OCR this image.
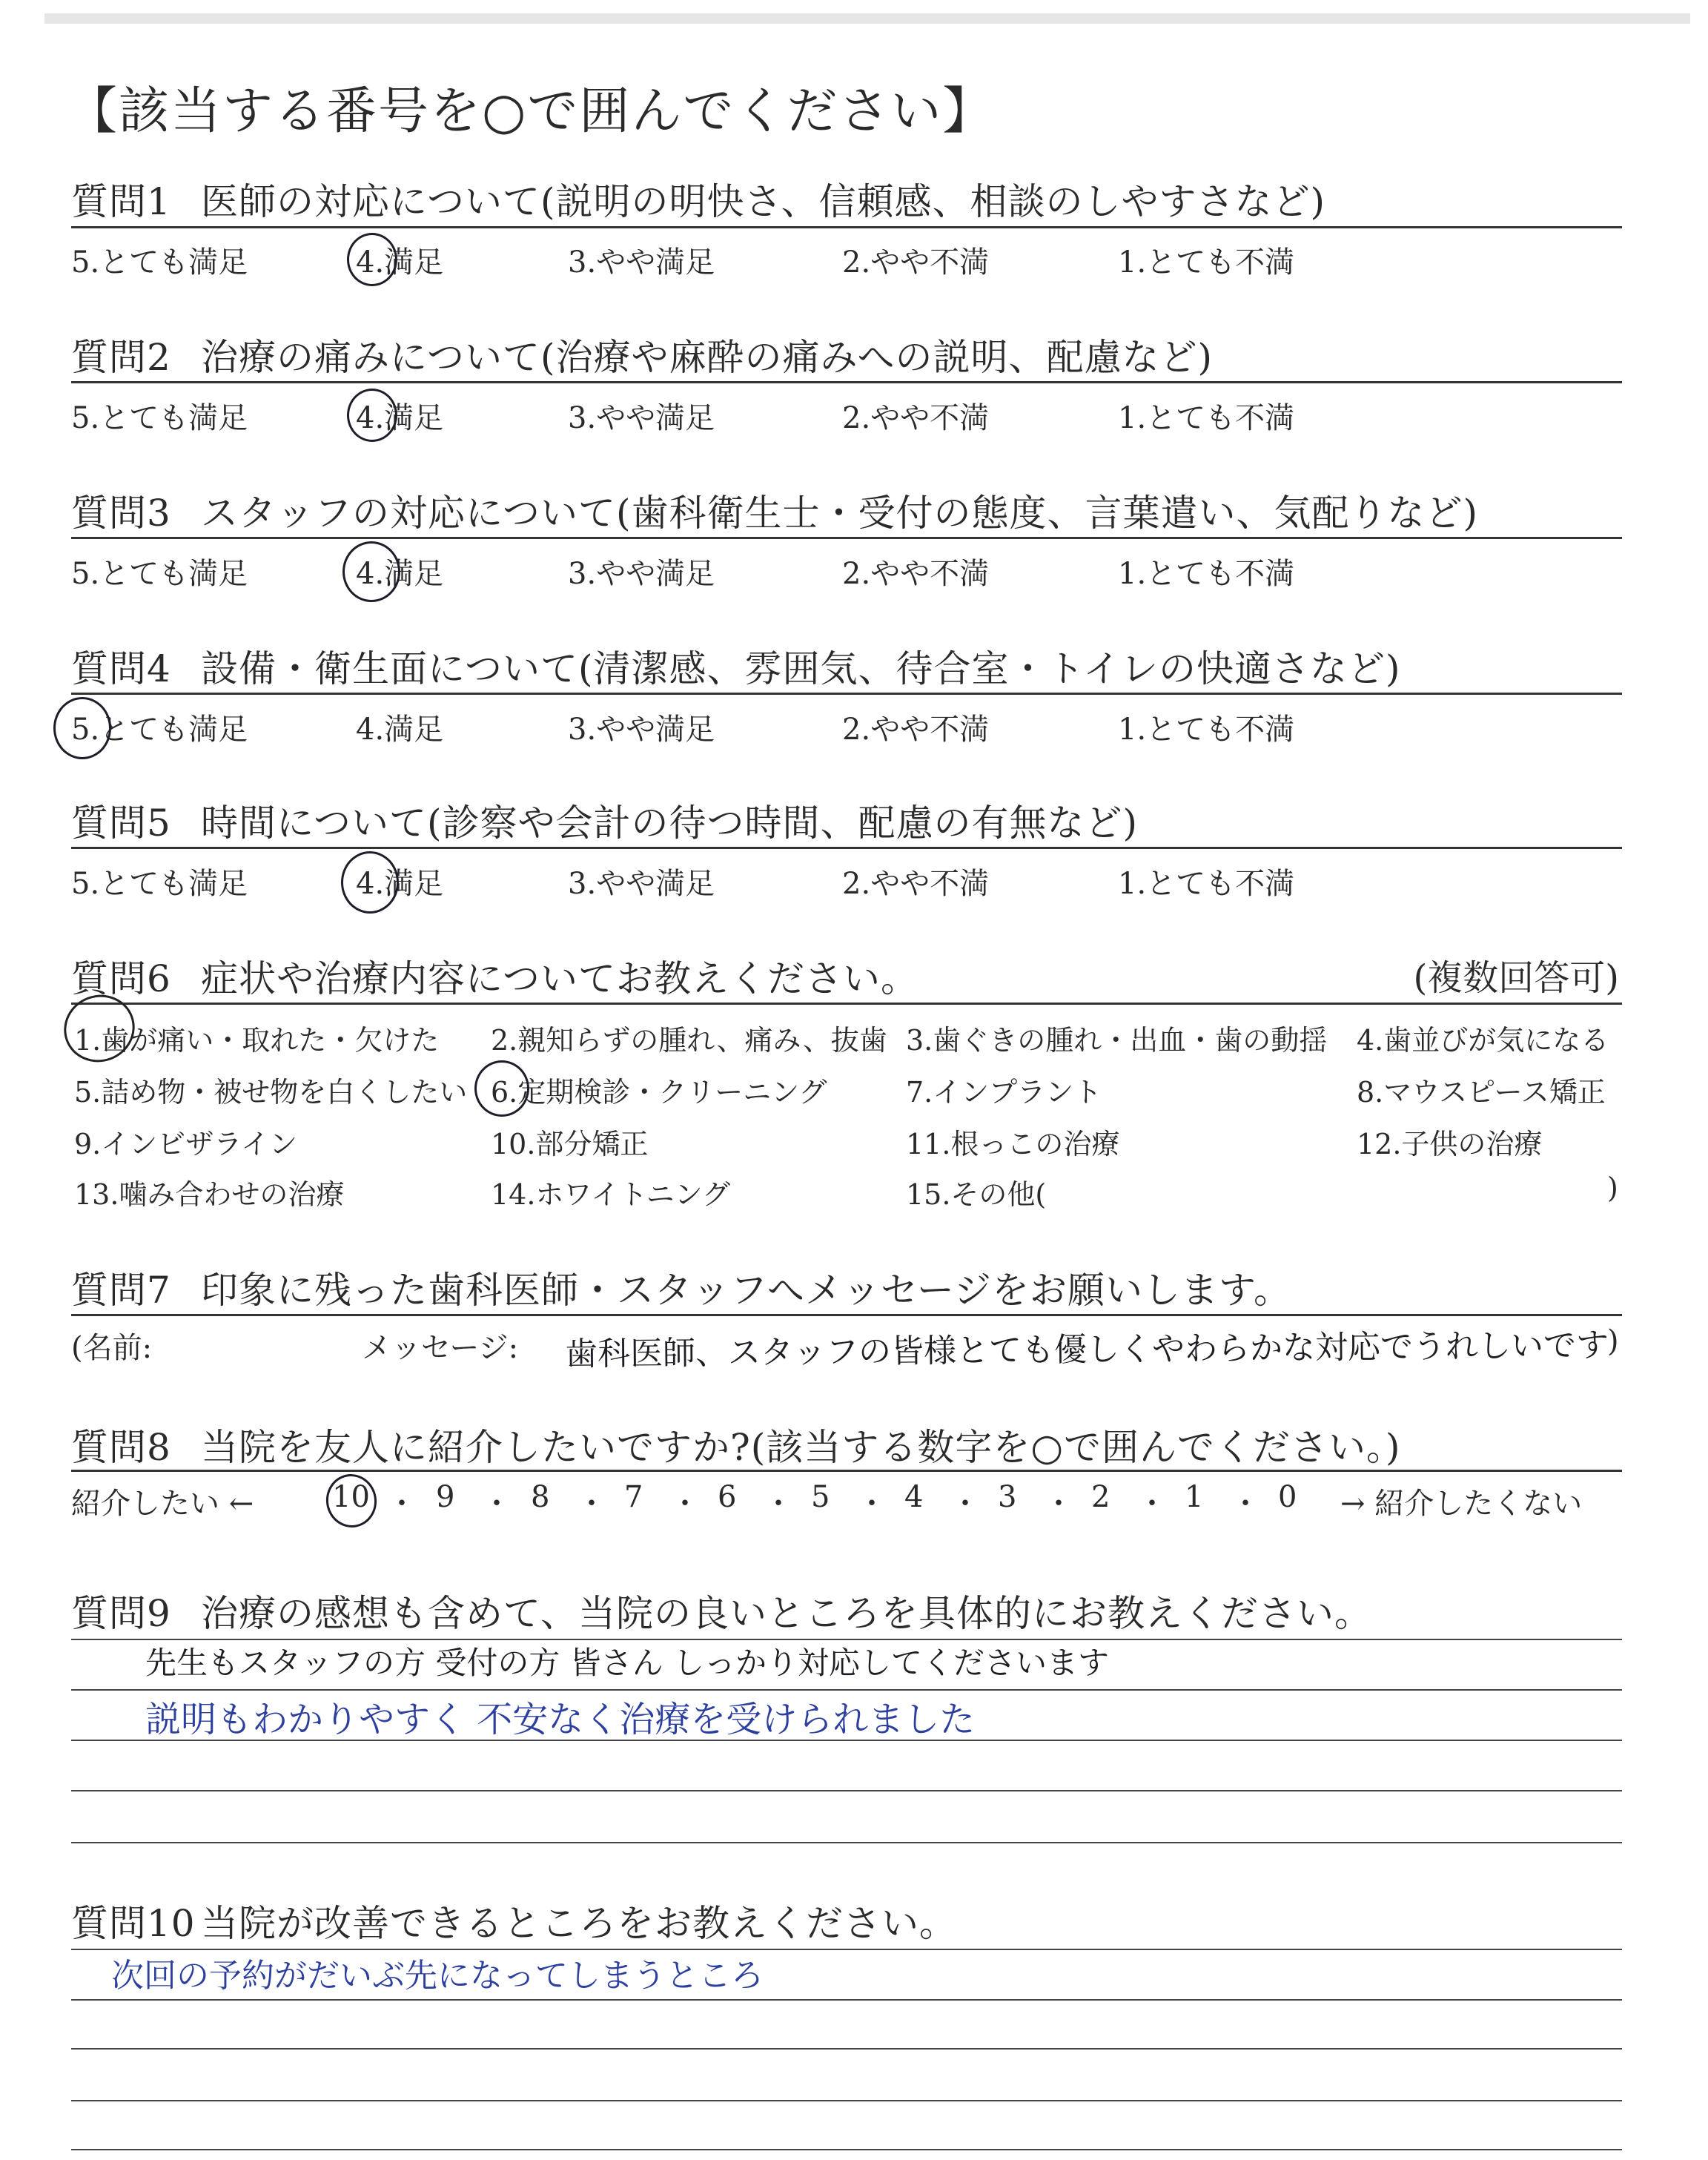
【該当する番号を○で囲んでください】
質問1 医師の対応について(説明の明快さ、信頼感、相談のしやすさなど)
5.とても満足	4.満足	3.やや満足	2.やや不満	1.とても不満
質問2 治療の痛みについて(治療や麻酔の痛みへの説明、配慮など)
5.とても満足	4.満足	3.やや満足	2.やや不満	1.とても不満
質問3 スタッフの対応について(歯科衛生士・受付の態度、言葉遣い、気配りなど)
5.とても満足	4.満足	3.やや満足	2.やや不満	1.とても不満
質問4 設備・衛生面について(清潔感、雰囲気、待合室・トイレの快適さなど)
5.とても満足	4.満足	3.やや満足	2.やや不満	1.とても不満
質問5 時間について(診察や会計の待つ時間、配慮の有無など)
5.とても満足	4.満足	3.やや満足	2.やや不満	1.とても不満
質問6 症状や治療内容についてお教えください。	(複数回答可)
1.歯が痛い・取れた・欠けた 2.親知らずの腫れ、痛み、抜歯 3.歯ぐきの腫れ・出血・歯の動揺 4.歯並びが気になる
5.詰め物・被せ物を白くしたい 6.定期検診・クリーニング	7.インプラント	8.マウスピース矯正
9.インビザライン	10.部分矯正	11.根っこの治療	12.子供の治療
13.噛み合わせの治療	14.ホワイトニング	15.その他(	)
質問7 印象に残った歯科医師・スタッフへメッセージをお願いします。
(名前:	メッセージ: 歯科医師、スタッフの皆様とても優しくやわらかな対応でうれしいです
)
質問8 当院を友人に紹介したいですか?(該当する数字を○で囲んでください。)
紹介したい ←	10 ・ 9 ・ 8 ・ 7 ・ 6 ・ 5 ・ 4 ・ 3 ・ 2 ・ 1 ・ 0 → 紹介したくない
質問9 治療の感想も含めて、当院の良いところを具体的にお教えください。
先生もスタッフの方 受付の方 皆さん しっかり対応してくださいます
説明もわかりやすく 不安なく治療を受けられました
質問10 当院が改善できるところをお教えください。
次回の予約がだいぶ先になってしまうところ
